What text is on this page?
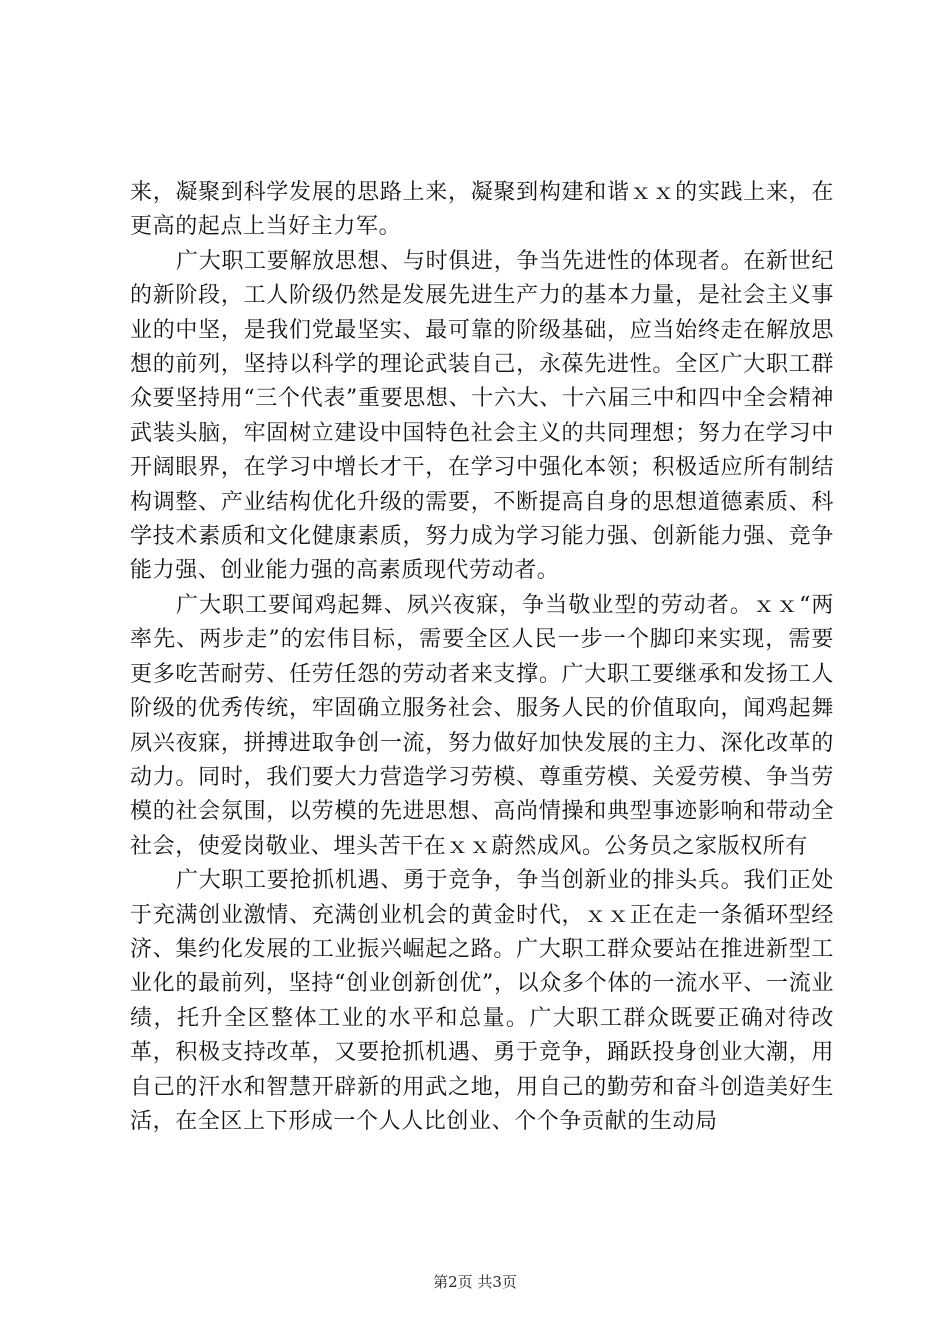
来，凝聚到科学发展的思路上来，凝聚到构建和谐ｘｘ的实践上来，在更高的起点上当好主力军。

广大职工要解放思想、与时俱进，争当先进性的体现者。在新世纪的新阶段，工人阶级仍然是发展先进生产力的基本力量，是社会主义事业的中坚，是我们党最坚实、最可靠的阶级基础，应当始终走在解放思想的前列，坚持以科学的理论武装自己，永葆先进性。全区广大职工群众要坚持用“三个代表”重要思想、十六大、十六届三中和四中全会精神武装头脑，牢固树立建设中国特色社会主义的共同理想；努力在学习中开阔眼界，在学习中增长才干，在学习中强化本领；积极适应所有制结构调整、产业结构优化升级的需要，不断提高自身的思想道德素质、科学技术素质和文化健康素质，努力成为学习能力强、创新能力强、竞争能力强、创业能力强的高素质现代劳动者。

广大职工要闻鸡起舞、夙兴夜寐，争当敬业型的劳动者。ｘｘ“两率先、两步走”的宏伟目标，需要全区人民一步一个脚印来实现，需要更多吃苦耐劳、任劳任怨的劳动者来支撑。广大职工要继承和发扬工人阶级的优秀传统，牢固确立服务社会、服务人民的价值取向，闻鸡起舞夙兴夜寐，拼搏进取争创一流，努力做好加快发展的主力、深化改革的动力。同时，我们要大力营造学习劳模、尊重劳模、关爱劳模、争当劳模的社会氛围，以劳模的先进思想、高尚情操和典型事迹影响和带动全社会，使爱岗敬业、埋头苦干在ｘｘ蔚然成风。公务员之家版权所有

广大职工要抢抓机遇、勇于竞争，争当创新业的排头兵。我们正处于充满创业激情、充满创业机会的黄金时代，ｘｘ正在走一条循环型经济、集约化发展的工业振兴崛起之路。广大职工群众要站在推进新型工业化的最前列，坚持“创业创新创优”，以众多个体的一流水平、一流业绩，托升全区整体工业的水平和总量。广大职工群众既要正确对待改革，积极支持改革，又要抢抓机遇、勇于竞争，踊跃投身创业大潮，用自己的汗水和智慧开辟新的用武之地，用自己的勤劳和奋斗创造美好生活，在全区上下形成一个人人比创业、个个争贡献的生动局

第2页 共3页
